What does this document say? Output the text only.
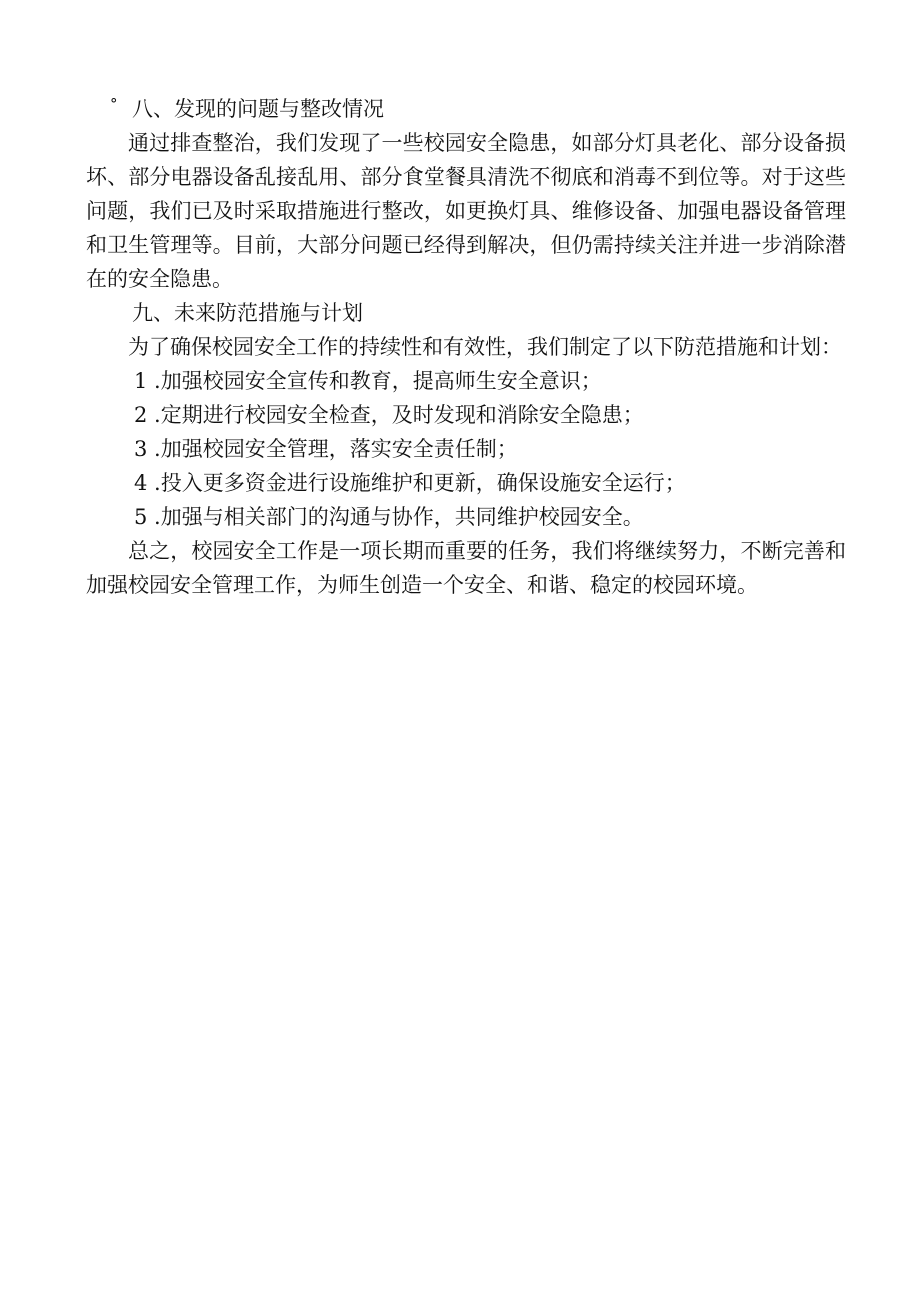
° 八、发现的问题与整改情况

通过排查整治，我们发现了一些校园安全隐患，如部分灯具老化、部分设备损坏、部分电器设备乱接乱用、部分食堂餐具清洗不彻底和消毒不到位等。对于这些问题，我们已及时采取措施进行整改，如更换灯具、维修设备、加强电器设备管理和卫生管理等。目前，大部分问题已经得到解决，但仍需持续关注并进一步消除潜在的安全隐患。

九、未来防范措施与计划

为了确保校园安全工作的持续性和有效性，我们制定了以下防范措施和计划：

1 .加强校园安全宣传和教育，提高师生安全意识；

2 .定期进行校园安全检查，及时发现和消除安全隐患；

3 .加强校园安全管理，落实安全责任制；

4 .投入更多资金进行设施维护和更新，确保设施安全运行；

5 .加强与相关部门的沟通与协作，共同维护校园安全。

总之，校园安全工作是一项长期而重要的任务，我们将继续努力，不断完善和加强校园安全管理工作，为师生创造一个安全、和谐、稳定的校园环境。
